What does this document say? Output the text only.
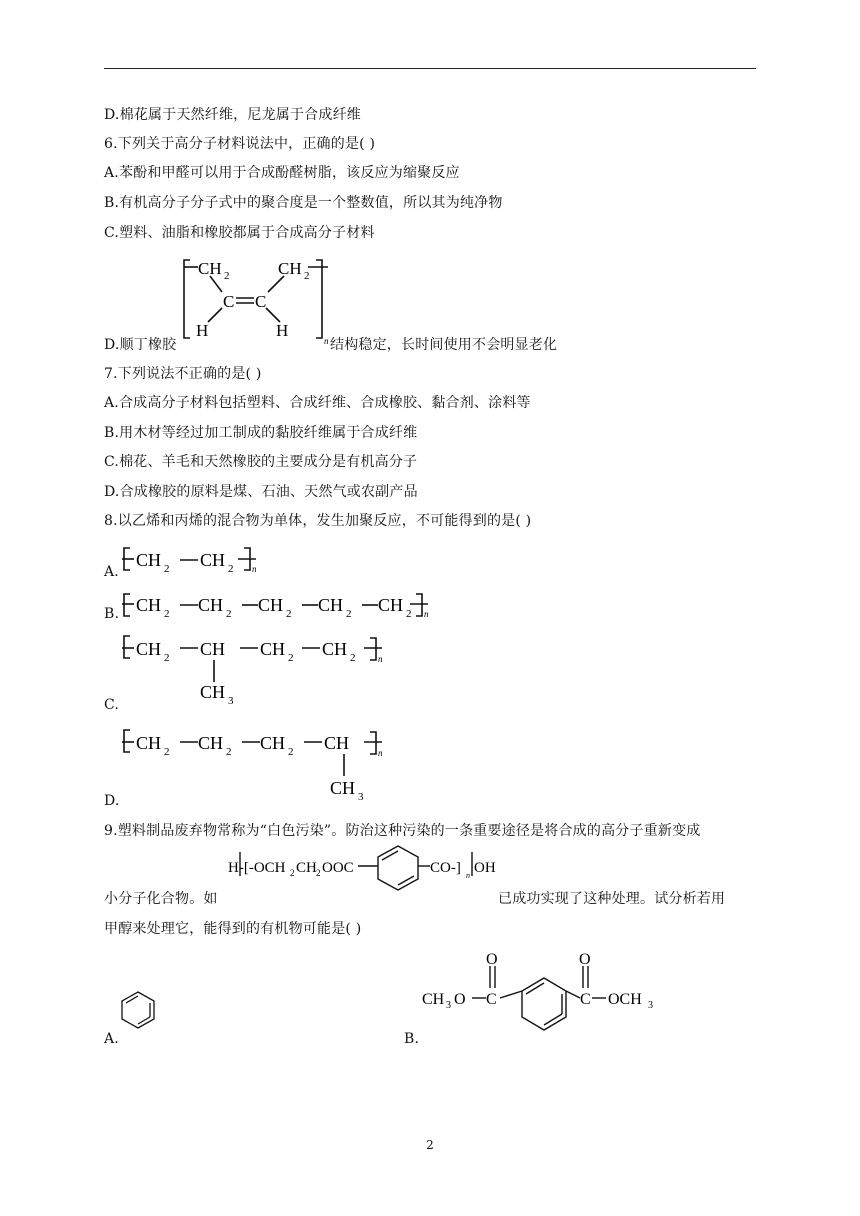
D.棉花属于天然纤维，尼龙属于合成纤维
6.下列关于高分子材料说法中，正确的是( )
A.苯酚和甲醛可以用于合成酚醛树脂，该反应为缩聚反应
B.有机高分子分子式中的聚合度是一个整数值，所以其为纯净物
C.塑料、油脂和橡胶都属于合成高分子材料
D.顺丁橡胶
CH 2	CH 2
C C
H	H
n 结构稳定，长时间使用不会明显老化
7.下列说法不正确的是( )
A.合成高分子材料包括塑料、合成纤维、合成橡胶、黏合剂、涂料等
B.用木材等经过加工制成的黏胶纤维属于合成纤维
C.棉花、羊毛和天然橡胶的主要成分是有机高分子
D.合成橡胶的原料是煤、石油、天然气或农副产品
8.以乙烯和丙烯的混合物为单体，发生加聚反应，不可能得到的是( )
A.
CH 2 CH 2 n
B. CH 2 CH 2 CH 2 CH 2 CH 2 n
C.
CH 2 CH CH 2 CH 2	n
CH 3
D.
CH 2 CH 2 CH 2 CH	n
CH 3
9.塑料制品废弃物常称为“白色污染”。防治这种污染的一条重要途径是将合成的高分子重新变成
H-[-OCH 2 CH 2 OOC	CO-] n OH
小分子化合物。如	已成功实现了这种处理。试分析若用
甲醇来处理它，能得到的有机物可能是( )
A.	B.
CH 3 O C
O
C
O
OCH 3
2
